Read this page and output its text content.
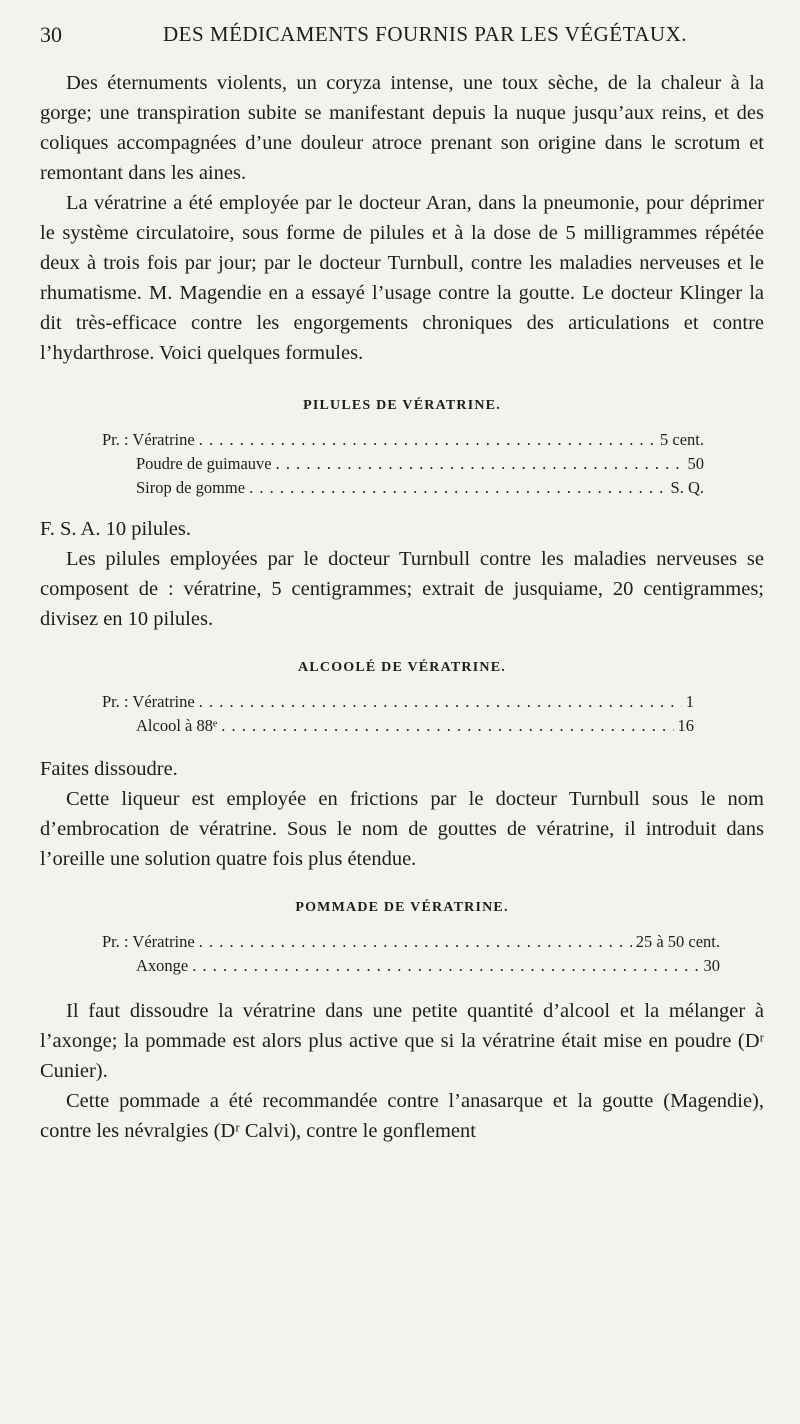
30	DES MÉDICAMENTS FOURNIS PAR LES VÉGÉTAUX.

Des éternuments violents, un coryza intense, une toux sèche, de la chaleur à la gorge; une transpiration subite se manifestant depuis la nuque jusqu’aux reins, et des coliques accompagnées d’une douleur atroce prenant son origine dans le scrotum et remontant dans les aines.

La vératrine a été employée par le docteur Aran, dans la pneumonie, pour déprimer le système circulatoire, sous forme de pilules et à la dose de 5 milligrammes répétée deux à trois fois par jour; par le docteur Turnbull, contre les maladies nerveuses et le rhumatisme. M. Magendie en a essayé l’usage contre la goutte. Le docteur Klinger la dit très-efficace contre les engorgements chroniques des articulations et contre l’hydarthrose. Voici quelques formules.

PILULES DE VÉRATRINE.
Pr. : Vératrine . . .	5 cent.
Poudre de guimauve . . .	50
Sirop de gomme . . .	S. Q.

F. S. A. 10 pilules.

Les pilules employées par le docteur Turnbull contre les maladies nerveuses se composent de : vératrine, 5 centigrammes; extrait de jusquiame, 20 centigrammes; divisez en 10 pilules.

ALCOOLÉ DE VÉRATRINE.
Pr. : Vératrine . . .	1
Alcool à 88ᵉ . . .	16

Faites dissoudre.

Cette liqueur est employée en frictions par le docteur Turnbull sous le nom d’embrocation de vératrine. Sous le nom de gouttes de vératrine, il introduit dans l’oreille une solution quatre fois plus étendue.

POMMADE DE VÉRATRINE.
Pr. : Vératrine . . .	25 à 50 cent.
Axonge . . .	30

Il faut dissoudre la vératrine dans une petite quantité d’alcool et la mélanger à l’axonge; la pommade est alors plus active que si la vératrine était mise en poudre (Dʳ Cunier).

Cette pommade a été recommandée contre l’anasarque et la goutte (Magendie), contre les névralgies (Dʳ Calvi), contre le gonflement
